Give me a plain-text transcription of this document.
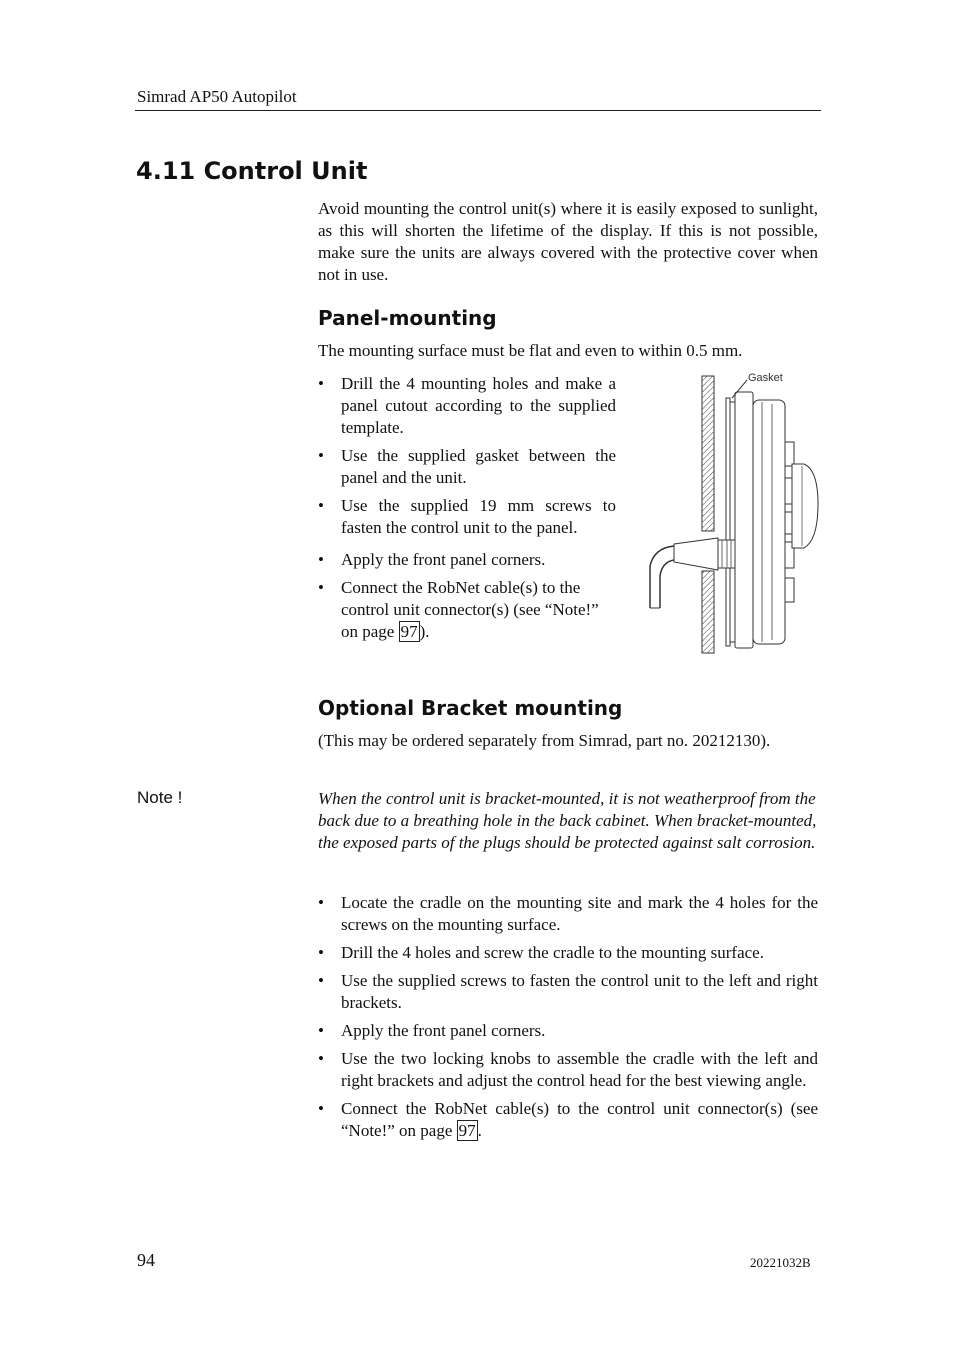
Simrad AP50 Autopilot
4.11 Control Unit

Avoid mounting the control unit(s) where it is easily exposed to sunlight, as this will shorten the lifetime of the display. If this is not possible, make sure the units are always covered with the protective cover when not in use.

Panel-mounting

The mounting surface must be flat and even to within 0.5 mm.

• Drill the 4 mounting holes and make a panel cutout according to the supplied template.
• Use the supplied gasket between the panel and the unit.
• Use the supplied 19 mm screws to fasten the control unit to the panel.
• Apply the front panel corners.
• Connect the RobNet cable(s) to the control unit connector(s) (see “Note!” on page 97 ).
Gasket
Optional Bracket mounting

(This may be ordered separately from Simrad, part no. 20212130).

Note !	When the control unit is bracket-mounted, it is not weatherproof from the back due to a breathing hole in the back cabinet. When bracket-mounted, the exposed parts of the plugs should be protected against salt corrosion.

• Locate the cradle on the mounting site and mark the 4 holes for the screws on the mounting surface.
• Drill the 4 holes and screw the cradle to the mounting surface.
• Use the supplied screws to fasten the control unit to the left and right brackets.
• Apply the front panel corners.
• Use the two locking knobs to assemble the cradle with the left and right brackets and adjust the control head for the best viewing angle.
• Connect the RobNet cable(s) to the control unit connector(s) (see “Note!” on page 97 .
94	20221032B
